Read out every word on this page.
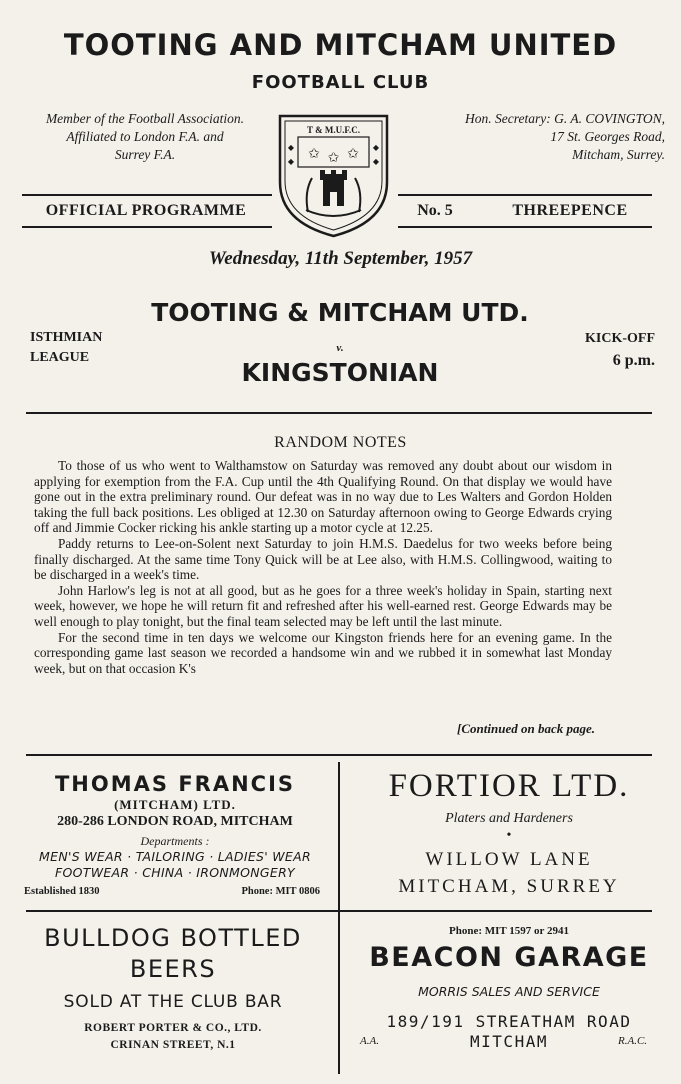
TOOTING AND MITCHAM UNITED
FOOTBALL CLUB
Member of the Football Association.
Affiliated to London F.A. and
Surrey F.A.
Hon. Secretary: G. A. COVINGTON,
17 St. Georges Road,
Mitcham, Surrey.
T & M.U.F.C.
✩ ✩ ✩
◆	◆
◆	◆
OFFICIAL PROGRAMME	No. 5	THREEPENCE
Wednesday, 11th September, 1957
ISTHMIAN
LEAGUE
TOOTING & MITCHAM UTD.
v.
KINGSTONIAN
KICK-OFF
6 p.m.
RANDOM NOTES

To those of us who went to Walthamstow on Saturday was removed any doubt about our wisdom in applying for exemption from the F.A. Cup until the 4th Qualifying Round. On that display we would have gone out in the extra preliminary round. Our defeat was in no way due to Les Walters and Gordon Holden taking the full back positions. Les obliged at 12.30 on Saturday afternoon owing to George Edwards crying off and Jimmie Cocker ricking his ankle starting up a motor cycle at 12.25.

Paddy returns to Lee-on-Solent next Saturday to join H.M.S. Daedelus for two weeks before being finally discharged. At the same time Tony Quick will be at Lee also, with H.M.S. Collingwood, waiting to be discharged in a week's time.

John Harlow's leg is not at all good, but as he goes for a three week's holiday in Spain, starting next week, however, we hope he will return fit and refreshed after his well-earned rest. George Edwards may be well enough to play tonight, but the final team selected may be left until the last minute.

For the second time in ten days we welcome our Kingston friends here for an evening game. In the corresponding game last season we recorded a handsome win and we rubbed it in somewhat last Monday week, but on that occasion K's

[Continued on back page.
THOMAS FRANCIS
(MITCHAM) LTD.
280-286 LONDON ROAD, MITCHAM
Departments :
MEN'S WEAR · TAILORING · LADIES' WEAR
FOOTWEAR · CHINA · IRONMONGERY
Established 1830	Phone: MIT 0806
FORTIOR LTD.
Platers and Hardeners
•
WILLOW LANE
MITCHAM, SURREY
BULLDOG BOTTLED
BEERS
SOLD AT THE CLUB BAR
ROBERT PORTER & CO., LTD.
CRINAN STREET, N.1
Phone: MIT 1597 or 2941
BEACON GARAGE
MORRIS SALES AND SERVICE
189/191 STREATHAM ROAD
A.A.	MITCHAM	R.A.C.
